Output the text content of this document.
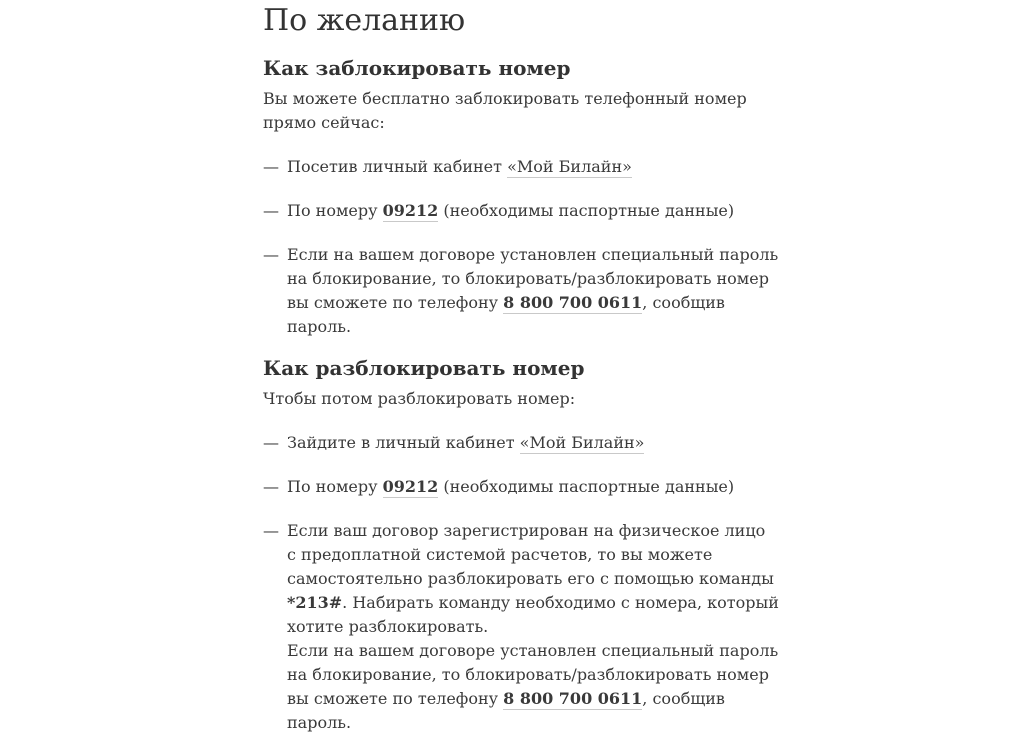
По желанию
Как заблокировать номер

Вы можете бесплатно заблокировать телефонный номер прямо сейчас:

— Посетив личный кабинет «Мой Билайн»
— По номеру 09212 (необходимы паспортные данные)
— Если на вашем договоре установлен специальный пароль на блокирование, то блокировать/разблокировать номер вы сможете по телефону 8 800 700 0611, сообщив пароль.
Как разблокировать номер

Чтобы потом разблокировать номер:

— Зайдите в личный кабинет «Мой Билайн»
— По номеру 09212 (необходимы паспортные данные)
— Если ваш договор зарегистрирован на физическое лицо с предоплатной системой расчетов, то вы можете самостоятельно разблокировать его с помощью команды *213#. Набирать команду необходимо с номера, который хотите разблокировать.
Если на вашем договоре установлен специальный пароль на блокирование, то блокировать/разблокировать номер вы сможете по телефону 8 800 700 0611, сообщив пароль.
